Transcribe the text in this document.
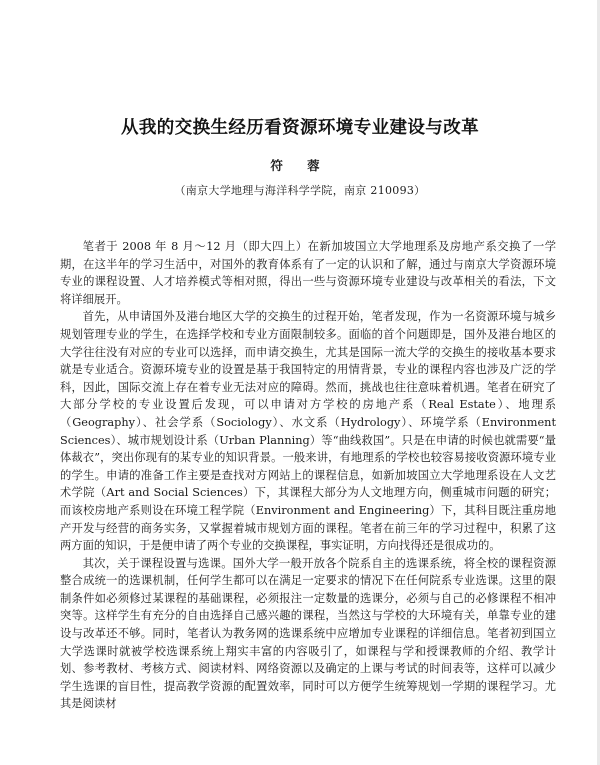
从我的交换生经历看资源环境专业建设与改革
符 蓉
（南京大学地理与海洋科学学院，南京 210093）

笔者于 2008 年 8 月～12 月（即大四上）在新加坡国立大学地理系及房地产系交换了一学期，在这半年的学习生活中，对国外的教育体系有了一定的认识和了解，通过与南京大学资源环境专业的课程设置、人才培养模式等相对照，得出一些与资源环境专业建设与改革相关的看法，下文将详细展开。

首先，从申请国外及港台地区大学的交换生的过程开始，笔者发现，作为一名资源环境与城乡规划管理专业的学生，在选择学校和专业方面限制较多。面临的首个问题即是，国外及港台地区的大学往往没有对应的专业可以选择，而申请交换生，尤其是国际一流大学的交换生的接收基本要求就是专业适合。资源环境专业的设置是基于我国特定的用情背景，专业的课程内容也涉及广泛的学科，因此，国际交流上存在着专业无法对应的障碍。然而，挑战也往往意味着机遇。笔者在研究了大部分学校的专业设置后发现，可以申请对方学校的房地产系（Real Estate）、地理系（Geography）、社会学系（Sociology）、水文系（Hydrology）、环境学系（Environment Sciences）、城市规划设计系（Urban Planning）等“曲线救国”。只是在申请的时候也就需要“量体裁衣”，突出你现有的某专业的知识背景。一般来讲，有地理系的学校也较容易接收资源环境专业的学生。申请的准备工作主要是查找对方网站上的课程信息，如新加坡国立大学地理系设在人文艺术学院（Art and Social Sciences）下，其课程大部分为人文地理方向，侧重城市问题的研究；而该校房地产系则设在环境工程学院（Environment and Engineering）下，其科目既注重房地产开发与经营的商务实务，又掌握着城市规划方面的课程。笔者在前三年的学习过程中，积累了这两方面的知识，于是便申请了两个专业的交换课程，事实证明，方向找得还是很成功的。

其次，关于课程设置与选课。国外大学一般开放各个院系自主的选课系统，将全校的课程资源整合成统一的选课机制，任何学生都可以在满足一定要求的情况下在任何院系专业选课。这里的限制条件如必须修过某课程的基础课程，必须报注一定数量的选课分，必须与自己的必修课程不相冲突等。这样学生有充分的自由选择自己感兴趣的课程，当然这与学校的大环境有关，单靠专业的建设与改革还不够。同时，笔者认为教务网的选课系统中应增加专业课程的详细信息。笔者初到国立大学选课时就被学校选课系统上翔实丰富的内容吸引了，如课程与学和授课教师的介绍、教学计划、参考教材、考核方式、阅读材料、网络资源以及确定的上课与考试的时间表等，这样可以减少学生选课的盲目性，提高教学资源的配置效率，同时可以方便学生统筹规划一学期的课程学习。尤其是阅读材
